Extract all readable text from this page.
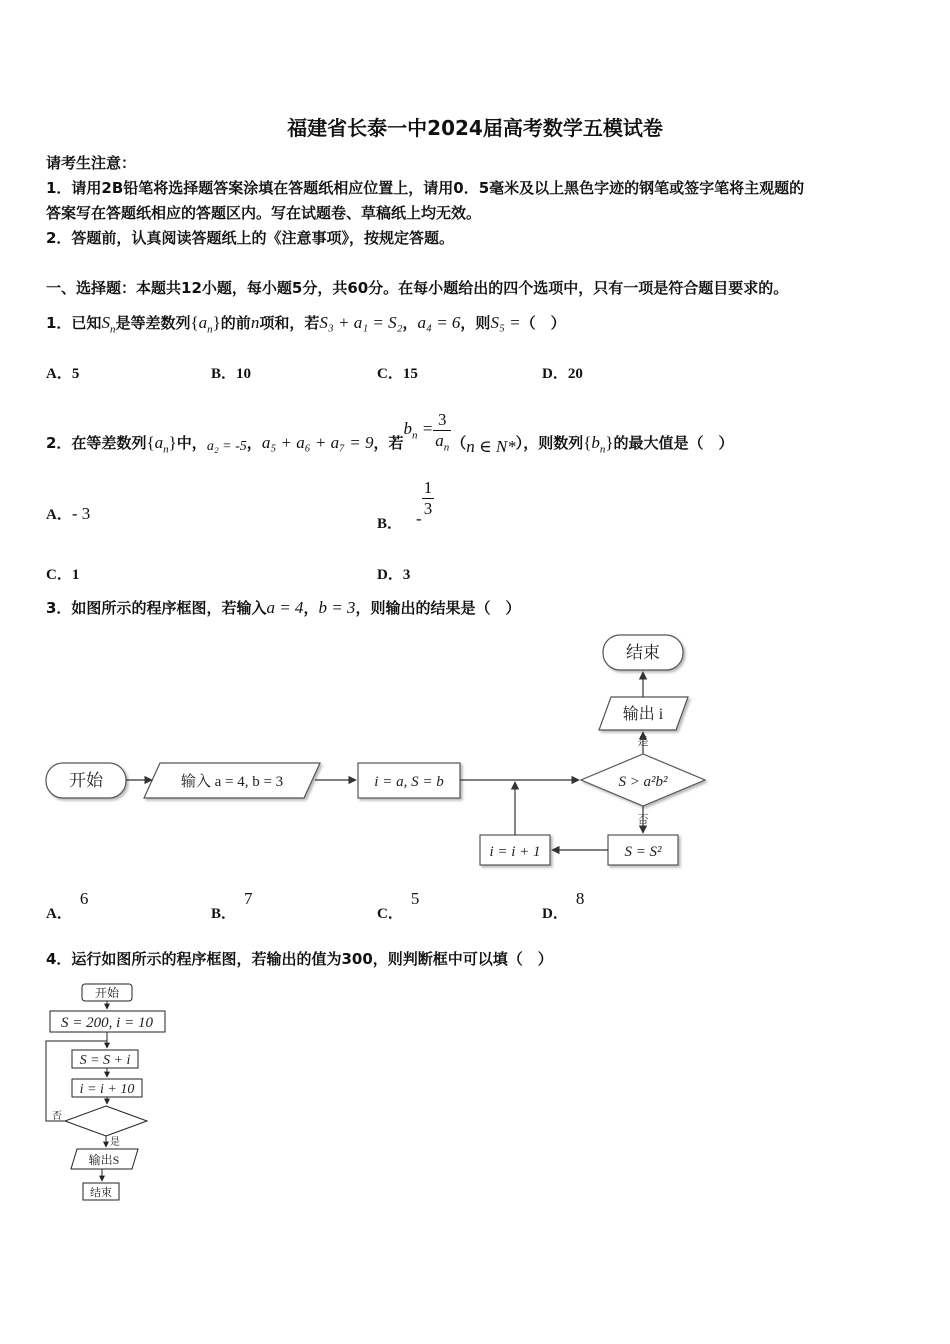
福建省长泰一中2024届高考数学五模试卷
请考生注意：
1．请用2B铅笔将选择题答案涂填在答题纸相应位置上，请用0．5毫米及以上黑色字迹的钢笔或签字笔将主观题的
答案写在答题纸相应的答题区内。写在试题卷、草稿纸上均无效。
2．答题前，认真阅读答题纸上的《注意事项》，按规定答题。
一、选择题：本题共12小题，每小题5分，共60分。在每小题给出的四个选项中，只有一项是符合题目要求的。
1．已知$S_n$是等差数列$\{a_n\}$的前n项和，若S₃ + a₁ = S₂，a₄ = 6，则S₅ =（　）
A．5	B．10	C．15	D．20
2．在等差数列$\{a_n\}$中，a₂ = -5，a₅ + a₆ + a₇ = 9，若$b_n = \frac{3}{a_n} (n$ ∈ N*），则数列$\{b_n\}$的最大值是（　）
A．- 3
B． - $\frac{1}{3}$
C．1	D．3
3．如图所示的程序框图，若输入a = 4，b = 3，则输出的结果是（　）
开始	输入 a = 4, b = 3	i = a, S = b	S > a²b²
是
否
输出 i
结束
S = S²
i = i + 1
A．6
B．7
C．5
D．8
4．运行如图所示的程序框图，若输出的值为300，则判断框中可以填（　）
开始
S = 200, i = 10
S = S + i
i = i + 10
否
是
输出S
结束
